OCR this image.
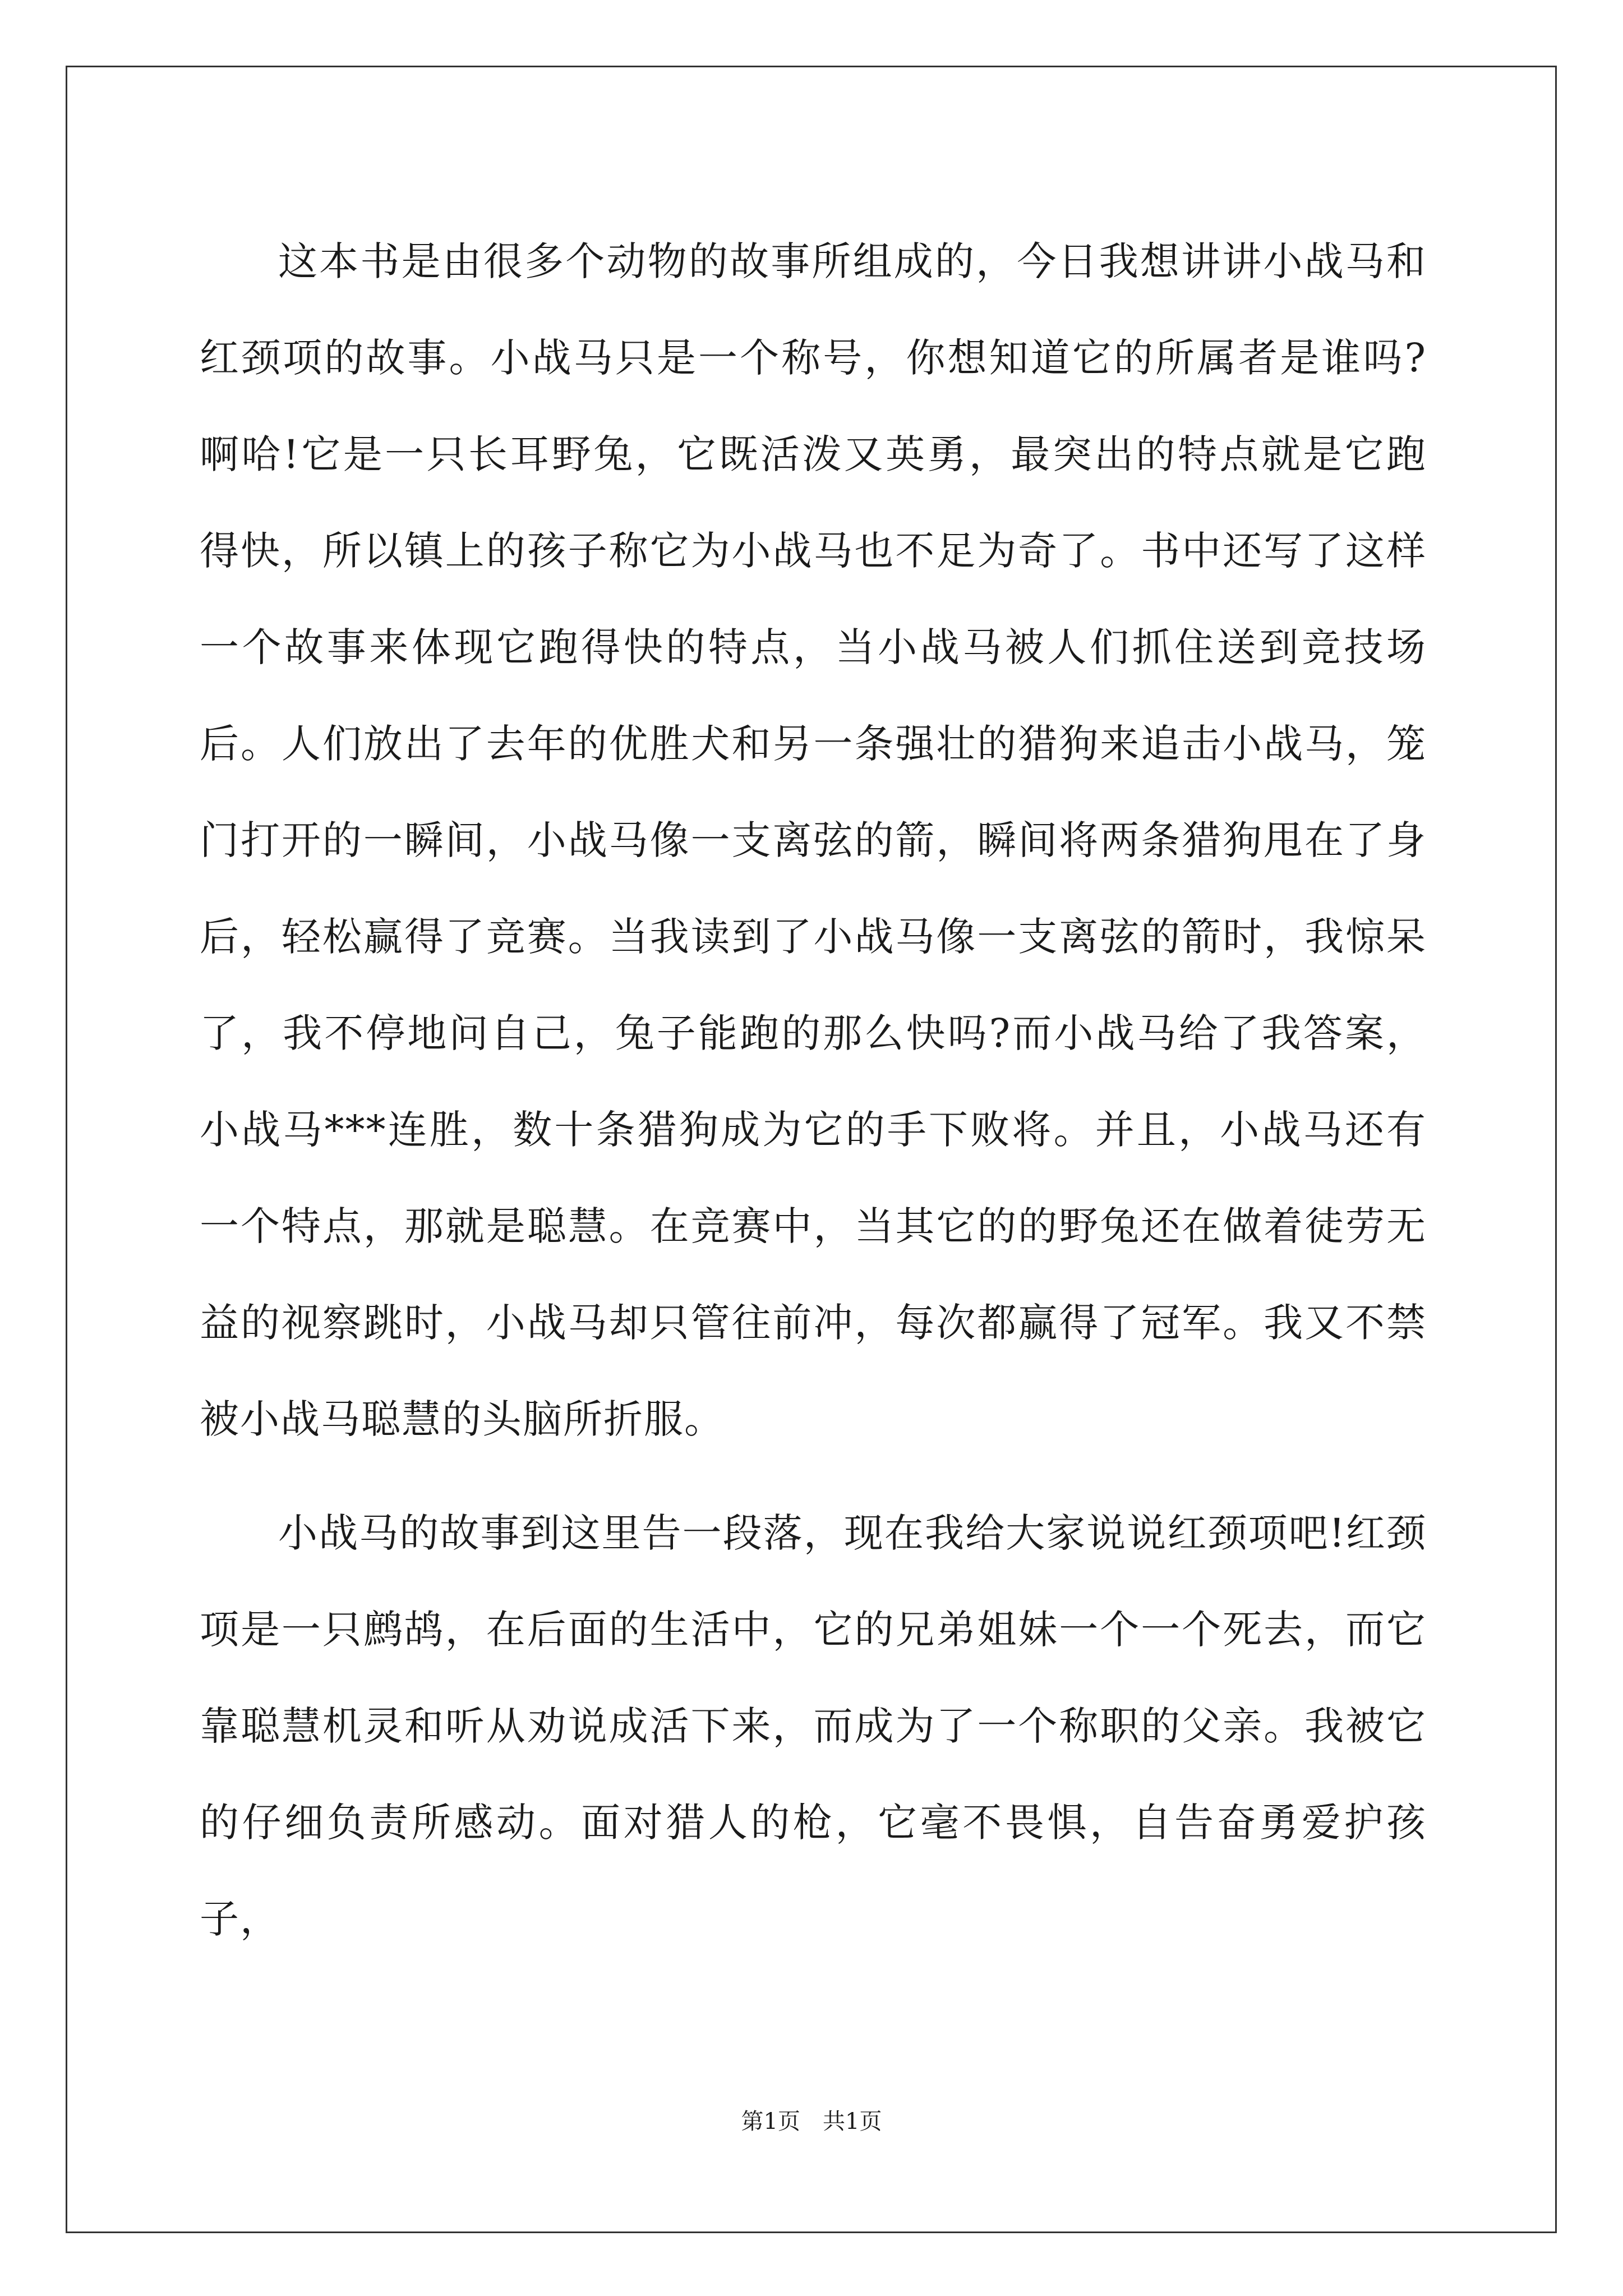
这本书是由很多个动物的故事所组成的，今日我想讲讲小战马和红颈项的故事。小战马只是一个称号，你想知道它的所属者是谁吗?啊哈!它是一只长耳野兔，它既活泼又英勇，最突出的特点就是它跑得快，所以镇上的孩子称它为小战马也不足为奇了。书中还写了这样一个故事来体现它跑得快的特点，当小战马被人们抓住送到竞技场后。人们放出了去年的优胜犬和另一条强壮的猎狗来追击小战马，笼门打开的一瞬间，小战马像一支离弦的箭，瞬间将两条猎狗甩在了身后，轻松赢得了竞赛。当我读到了小战马像一支离弦的箭时，我惊呆了，我不停地问自己，兔子能跑的那么快吗?而小战马给了我答案，小战马***连胜，数十条猎狗成为它的手下败将。并且，小战马还有一个特点，那就是聪慧。在竞赛中，当其它的的野兔还在做着徒劳无益的视察跳时，小战马却只管往前冲，每次都赢得了冠军。我又不禁被小战马聪慧的头脑所折服。

小战马的故事到这里告一段落，现在我给大家说说红颈项吧!红颈项是一只鹧鸪，在后面的生活中，它的兄弟姐妹一个一个死去，而它靠聪慧机灵和听从劝说成活下来，而成为了一个称职的父亲。我被它的仔细负责所感动。面对猎人的枪，它毫不畏惧，自告奋勇爱护孩子，

第1页 共1页
